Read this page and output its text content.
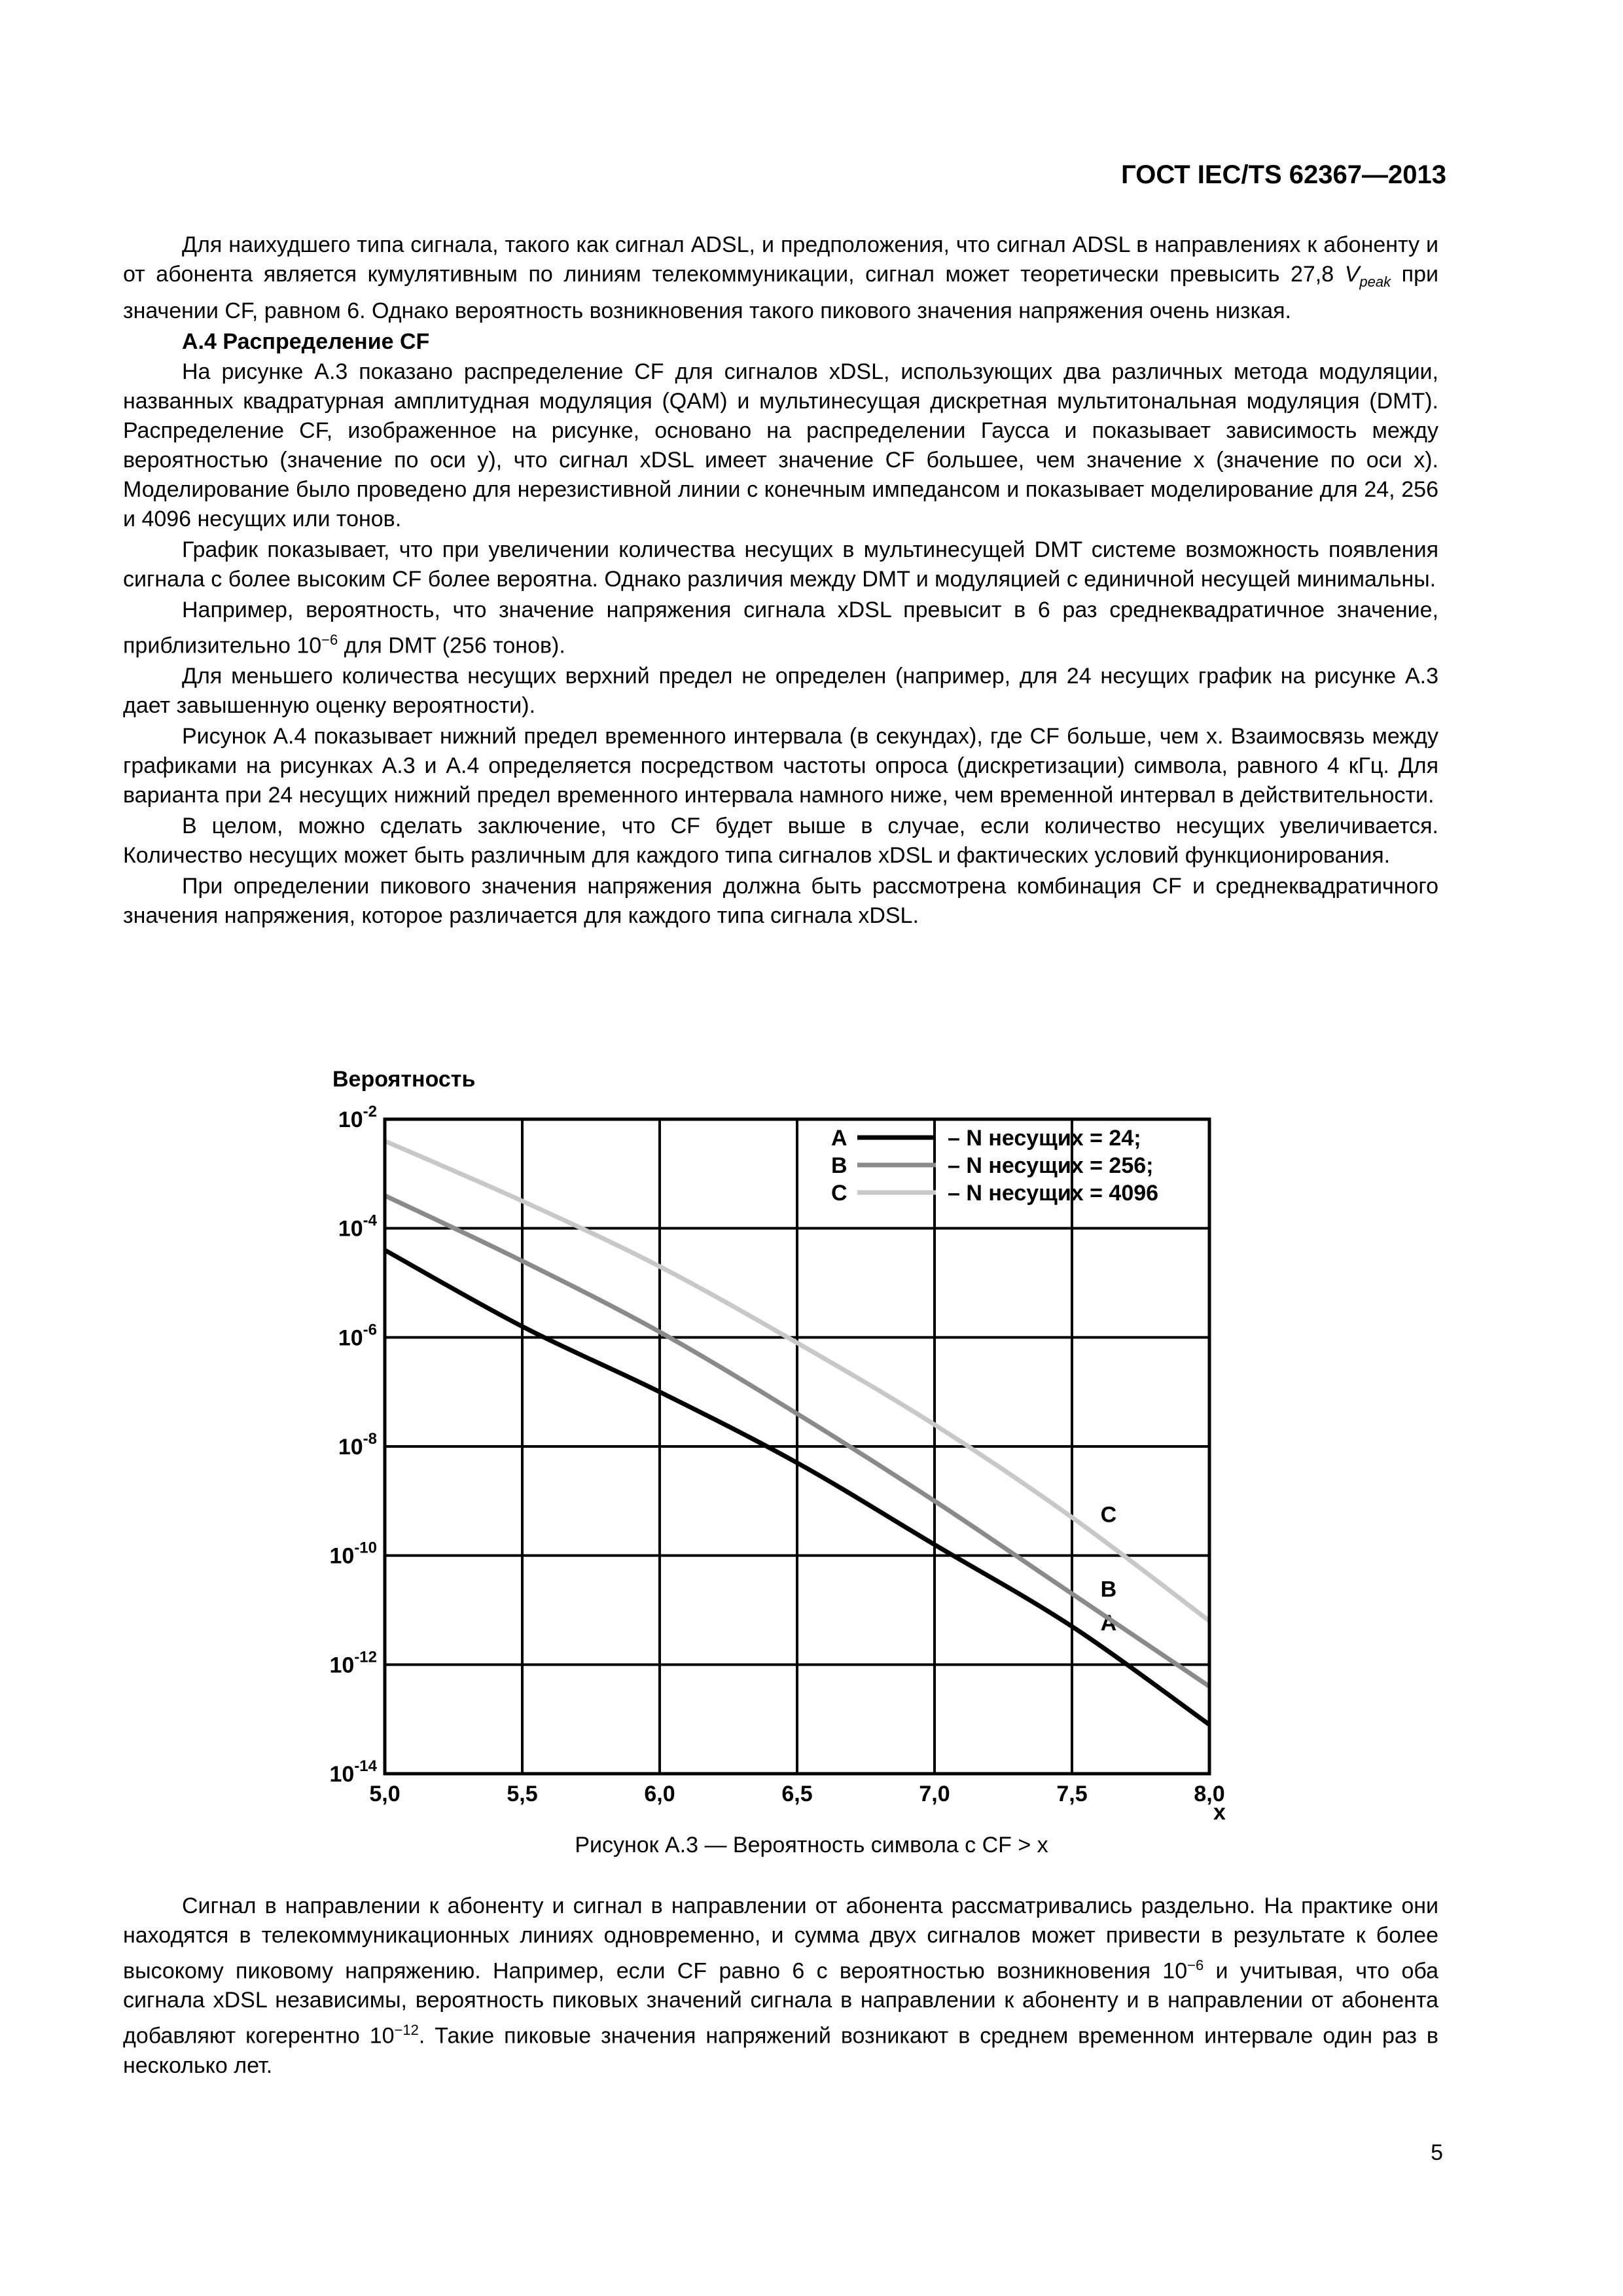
ГОСТ IEC/TS 62367—2013

Для наихудшего типа сигнала, такого как сигнал ADSL, и предположения, что сигнал ADSL в направлениях к абоненту и от абонента является кумулятивным по линиям телекоммуникации, сигнал может теоретически превысить 27,8 $V_{peak}$ при значении CF, равном 6. Однако вероятность возникновения такого пикового значения напряжения очень низкая.

А.4 Распределение CF

На рисунке А.3 показано распределение CF для сигналов xDSL, использующих два различных метода модуляции, названных квадратурная амплитудная модуляция (QAM) и мультинесущая дискретная мультитональная модуляция (DMT). Распределение CF, изображенное на рисунке, основано на распределении Гаусса и показывает зависимость между вероятностью (значение по оси y), что сигнал xDSL имеет значение CF большее, чем значение x (значение по оси x). Моделирование было проведено для нерезистивной линии с конечным импедансом и показывает моделирование для 24, 256 и 4096 несущих или тонов.

График показывает, что при увеличении количества несущих в мультинесущей DMT системе возможность появления сигнала с более высоким CF более вероятна. Однако различия между DMT и модуляцией с единичной несущей минимальны.

Например, вероятность, что значение напряжения сигнала xDSL превысит в 6 раз среднеквадратичное значение, приблизительно $10^{-6}$ для DMT (256 тонов).

Для меньшего количества несущих верхний предел не определен (например, для 24 несущих график на рисунке А.3 дает завышенную оценку вероятности).

Рисунок А.4 показывает нижний предел временного интервала (в секундах), где CF больше, чем x. Взаимосвязь между графиками на рисунках А.3 и А.4 определяется посредством частоты опроса (дискретизации) символа, равного 4 кГц. Для варианта при 24 несущих нижний предел временного интервала намного ниже, чем временной интервал в действительности.

В целом, можно сделать заключение, что CF будет выше в случае, если количество несущих увеличивается. Количество несущих может быть различным для каждого типа сигналов xDSL и фактических условий функционирования.

При определении пикового значения напряжения должна быть рассмотрена комбинация CF и среднеквадратичного значения напряжения, которое различается для каждого типа сигнала xDSL.

A
B
C
5,0	5,5	6,0	6,5	7,0	7,5	8,0
$10^{-2}$
$10^{-4}$
$10^{-6}$
$10^{-8}$
$10^{-10}$
$10^{-12}$
$10^{-14}$
A	– N несущих = 24;
B	– N несущих = 256;
C	– N несущих = 4096
Вероятность
x
Рисунок А.3 — Вероятность символа с CF > x

Сигнал в направлении к абоненту и сигнал в направлении от абонента рассматривались раздельно. На практике они находятся в телекоммуникационных линиях одновременно, и сумма двух сигналов может привести в результате к более высокому пиковому напряжению. Например, если CF равно 6 с вероятностью возникновения $10^{-6}$ и учитывая, что оба сигнала xDSL независимы, вероятность пиковых значений сигнала в направлении к абоненту и в направлении от абонента добавляют когерентно $10^{-12}$. Такие пиковые значения напряжений возникают в среднем временном интервале один раз в несколько лет.

5
